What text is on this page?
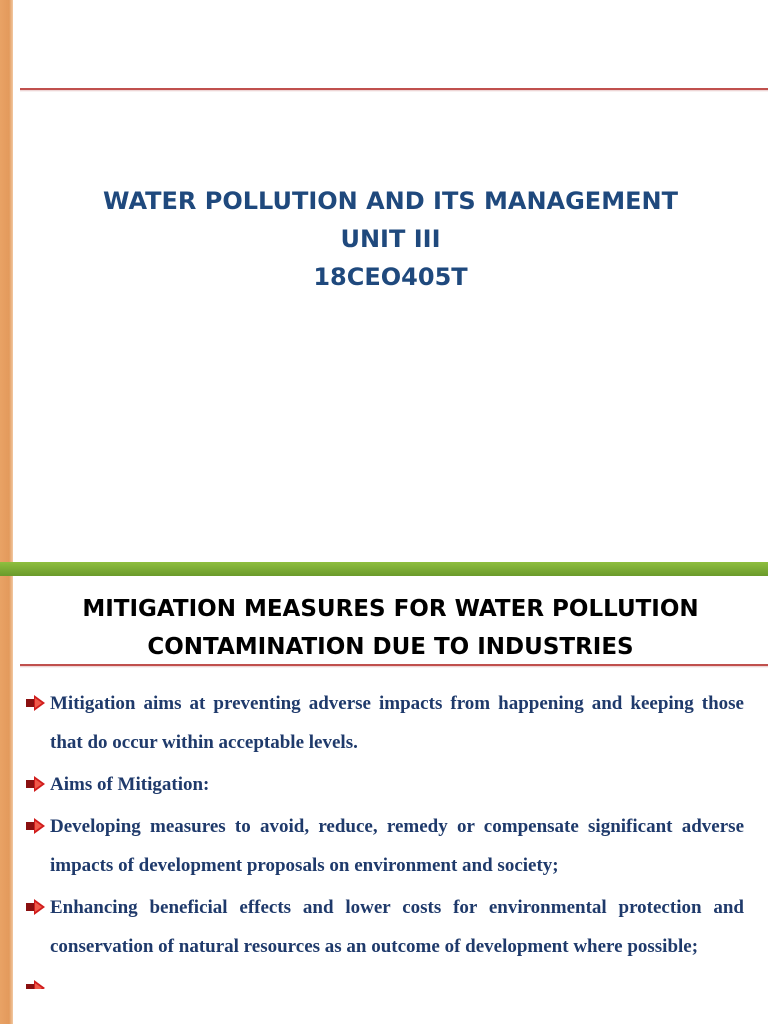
WATER POLLUTION AND ITS MANAGEMENT
UNIT III
18CEO405T
MITIGATION MEASURES FOR WATER POLLUTION
CONTAMINATION DUE TO INDUSTRIES
Mitigation aims at preventing adverse impacts from happening and keeping those that do occur within acceptable levels.
Aims of Mitigation:
Developing measures to avoid, reduce, remedy or compensate significant adverse impacts of development proposals on environment and society;
Enhancing beneficial effects and lower costs for environmental protection and conservation of natural resources as an outcome of development where possible;
